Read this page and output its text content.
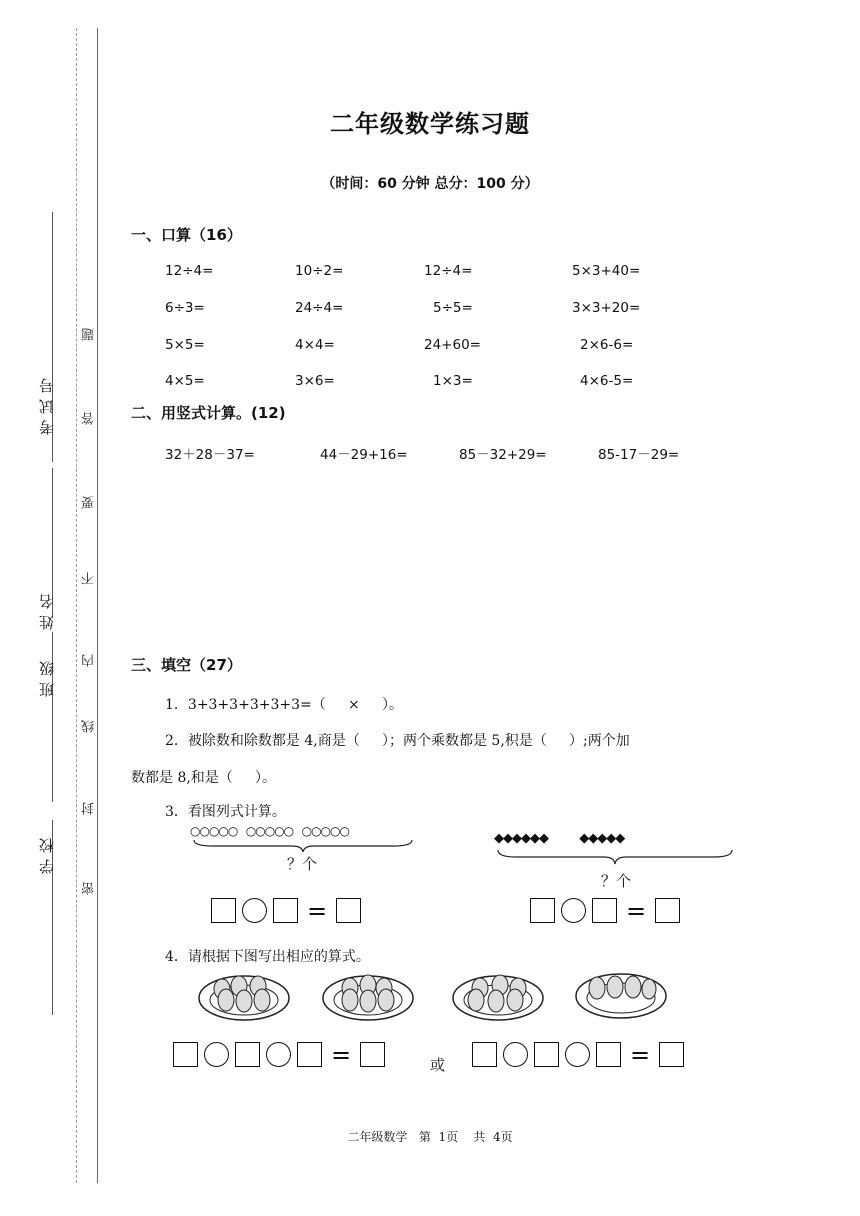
考试号
姓名
班级
学校
题
答
要
不
内
线
封
密
二年级数学练习题
（时间：60 分钟 总分：100 分）
一、口算（16）
12÷4=	10÷2=	12÷4=	5×3+40=
6÷3=	24÷4=	5÷5=	3×3+20=
5×5=	4×4=	24+60=	2×6-6=
4×5=	3×6=	1×3=	4×6-5=
二、用竖式计算。(12)
32＋28－37=	44－29+16=	85－32+29=	85-17－29=
三、填空（27）
1．3+3+3+3+3+3=（     ×     ）。
2．被除数和除数都是 4,商是（     ）；两个乘数都是 5,积是（     ）;两个加
数都是 8,和是（     ）。
3．看图列式计算。
○○○○○   ○○○○○   ○○○○○
？个
=
◆◆◆◆◆◆          ◆◆◆◆◆
？个
=
4．请根据下图写出相应的算式。
=	或	=
二年级数学   第  1页    共  4页
